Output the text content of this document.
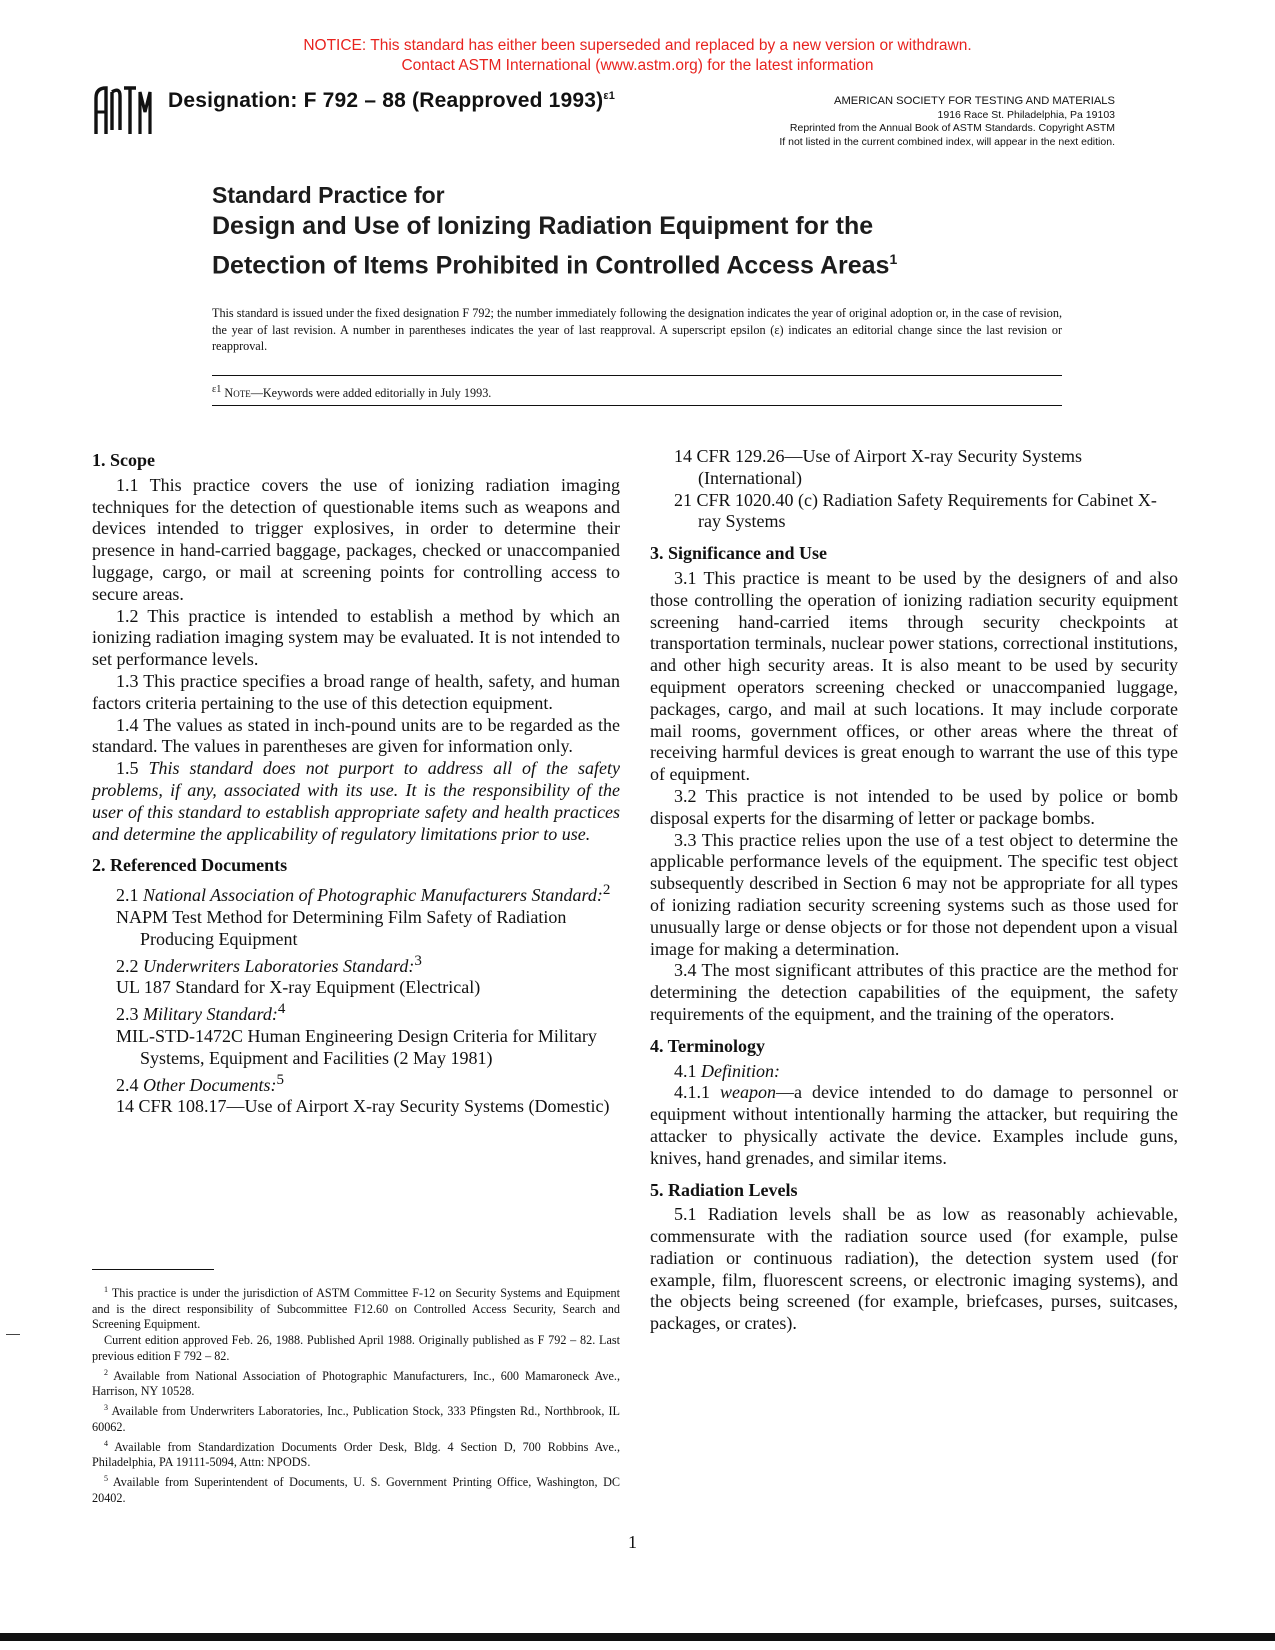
NOTICE: This standard has either been superseded and replaced by a new version or withdrawn.
Contact ASTM International (www.astm.org) for the latest information
Designation: F 792 – 88 (Reapproved 1993)$^{\varepsilon 1}$	AMERICAN SOCIETY FOR TESTING AND MATERIALS
1916 Race St. Philadelphia, Pa 19103
Reprinted from the Annual Book of ASTM Standards. Copyright ASTM
If not listed in the current combined index, will appear in the next edition.
Standard Practice for
Design and Use of Ionizing Radiation Equipment for the
Detection of Items Prohibited in Controlled Access Areas$^1$
This standard is issued under the fixed designation F 792; the number immediately following the designation indicates the year of original adoption or, in the case of revision, the year of last revision. A number in parentheses indicates the year of last reapproval. A superscript epsilon (ε) indicates an editorial change since the last revision or reapproval.
$^{\varepsilon 1}$ Note—Keywords were added editorially in July 1993.
1. Scope

1.1 This practice covers the use of ionizing radiation imaging techniques for the detection of questionable items such as weapons and devices intended to trigger explosives, in order to determine their presence in hand-carried baggage, packages, checked or unaccompanied luggage, cargo, or mail at screening points for controlling access to secure areas.

1.2 This practice is intended to establish a method by which an ionizing radiation imaging system may be evaluated. It is not intended to set performance levels.

1.3 This practice specifies a broad range of health, safety, and human factors criteria pertaining to the use of this detection equipment.

1.4 The values as stated in inch-pound units are to be regarded as the standard. The values in parentheses are given for information only.

1.5 This standard does not purport to address all of the safety problems, if any, associated with its use. It is the responsibility of the user of this standard to establish appropriate safety and health practices and determine the applicability of regulatory limitations prior to use.

2. Referenced Documents

2.1 National Association of Photographic Manufacturers Standard:$^2$

NAPM Test Method for Determining Film Safety of Radiation Producing Equipment

2.2 Underwriters Laboratories Standard:$^3$

UL 187 Standard for X-ray Equipment (Electrical)

2.3 Military Standard:$^4$

MIL-STD-1472C Human Engineering Design Criteria for Military Systems, Equipment and Facilities (2 May 1981)

2.4 Other Documents:$^5$

14 CFR 108.17—Use of Airport X-ray Security Systems (Domestic)

14 CFR 129.26—Use of Airport X-ray Security Systems (International)

21 CFR 1020.40 (c) Radiation Safety Requirements for Cabinet X-ray Systems

3. Significance and Use

3.1 This practice is meant to be used by the designers of and also those controlling the operation of ionizing radiation security equipment screening hand-carried items through security checkpoints at transportation terminals, nuclear power stations, correctional institutions, and other high security areas. It is also meant to be used by security equipment operators screening checked or unaccompanied luggage, packages, cargo, and mail at such locations. It may include corporate mail rooms, government offices, or other areas where the threat of receiving harmful devices is great enough to warrant the use of this type of equipment.

3.2 This practice is not intended to be used by police or bomb disposal experts for the disarming of letter or package bombs.

3.3 This practice relies upon the use of a test object to determine the applicable performance levels of the equipment. The specific test object subsequently described in Section 6 may not be appropriate for all types of ionizing radiation security screening systems such as those used for unusually large or dense objects or for those not dependent upon a visual image for making a determination.

3.4 The most significant attributes of this practice are the method for determining the detection capabilities of the equipment, the safety requirements of the equipment, and the training of the operators.

4. Terminology

4.1 Definition:

4.1.1 weapon—a device intended to do damage to personnel or equipment without intentionally harming the attacker, but requiring the attacker to physically activate the device. Examples include guns, knives, hand grenades, and similar items.

5. Radiation Levels

5.1 Radiation levels shall be as low as reasonably achievable, commensurate with the radiation source used (for example, pulse radiation or continuous radiation), the detection system used (for example, film, fluorescent screens, or electronic imaging systems), and the objects being screened (for example, briefcases, purses, suitcases, packages, or crates).

$^1$ This practice is under the jurisdiction of ASTM Committee F-12 on Security Systems and Equipment and is the direct responsibility of Subcommittee F12.60 on Controlled Access Security, Search and Screening Equipment.

Current edition approved Feb. 26, 1988. Published April 1988. Originally published as F 792 – 82. Last previous edition F 792 – 82.

$^2$ Available from National Association of Photographic Manufacturers, Inc., 600 Mamaroneck Ave., Harrison, NY 10528.

$^3$ Available from Underwriters Laboratories, Inc., Publication Stock, 333 Pfingsten Rd., Northbrook, IL 60062.

$^4$ Available from Standardization Documents Order Desk, Bldg. 4 Section D, 700 Robbins Ave., Philadelphia, PA 19111-5094, Attn: NPODS.

$^5$ Available from Superintendent of Documents, U. S. Government Printing Office, Washington, DC 20402.

1
